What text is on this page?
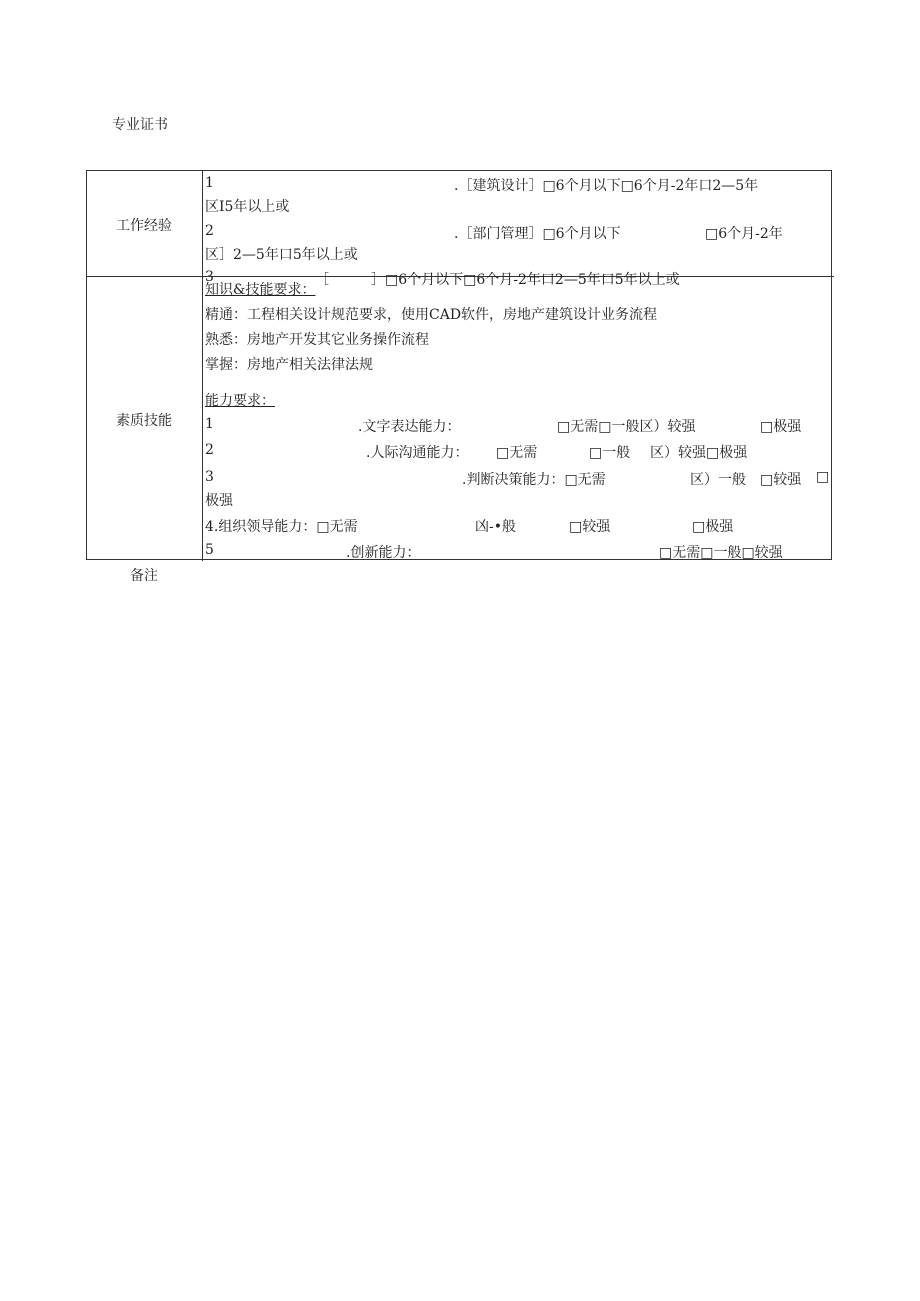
专业证书
工作经验
1	.［建筑设计］□6个月以下□6个月-2年口2—5年
区I5年以上或
2	.［部门管理］□6个月以下	□6个月-2年
区］2—5年口5年以上或
3	［　　　］□6个月以下□6个月-2年口2—5年口5年以上或
素质技能
知识&技能要求：
精通：工程相关设计规范要求，使用CAD软件，房地产建筑设计业务流程
熟悉：房地产开发其它业务操作流程
掌握：房地产相关法律法规
能力要求：
1	.文字表达能力：	□无需□一般区）较强	□极强
2	.人际沟通能力： □无需	□一般 区）较强□极强
3	.判断决策能力：□无需	区）一般 □较强 □
极强
4.组织领导能力：□无需	凶-•般	□较强	□极强
5	.创新能力：	□无需□一般□较强
备注
